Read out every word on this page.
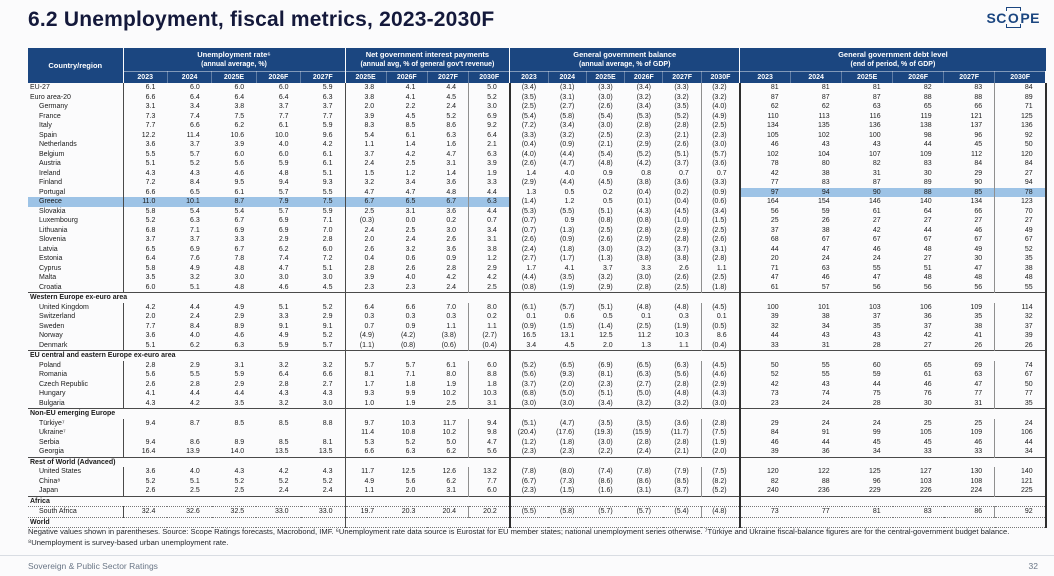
6.2 Unemployment, fiscal metrics, 2023-2030F	SCOPE
Country/region	
Unemployment rate⁶
(annual average, %)

Net government interest payments
(annual avg, % of general gov't revenue)

General government balance
(annual average, % of GDP)

General government debt level
(end of period, % of GDP)

	2023	2024	2025E	2026F	2027F	2025E	2026F	2027F	2030F	2023	2024	2025E	2026F	2027F	2030F	2023	2024	2025E	2026F	2027F	2030F
EU-27	6.1	6.0	6.0	6.0	5.9	3.8	4.1	4.4	5.0	(3.4)	(3.1)	(3.3)	(3.4)	(3.3)	(3.2)	81	81	81	82	83	84
Euro area-20	6.6	6.4	6.4	6.4	6.3	3.8	4.1	4.5	5.2	(3.5)	(3.1)	(3.0)	(3.2)	(3.2)	(3.2)	87	87	87	88	88	89
Germany	3.1	3.4	3.8	3.7	3.7	2.0	2.2	2.4	3.0	(2.5)	(2.7)	(2.6)	(3.4)	(3.5)	(4.0)	62	62	63	65	66	71
France	7.3	7.4	7.5	7.7	7.7	3.9	4.5	5.2	6.9	(5.4)	(5.8)	(5.4)	(5.3)	(5.2)	(4.9)	110	113	116	119	121	125
Italy	7.7	6.6	6.2	6.1	5.9	8.3	8.5	8.6	9.2	(7.2)	(3.4)	(3.0)	(2.8)	(2.8)	(2.5)	134	135	136	138	137	136
Spain	12.2	11.4	10.6	10.0	9.6	5.4	6.1	6.3	6.4	(3.3)	(3.2)	(2.5)	(2.3)	(2.1)	(2.3)	105	102	100	98	96	92
Netherlands	3.6	3.7	3.9	4.0	4.2	1.1	1.4	1.6	2.1	(0.4)	(0.9)	(2.1)	(2.9)	(2.6)	(3.0)	46	43	43	44	45	50
Belgium	5.5	5.7	6.0	6.0	6.1	3.7	4.2	4.7	6.3	(4.0)	(4.4)	(5.4)	(5.2)	(5.1)	(5.7)	102	104	107	109	112	120
Austria	5.1	5.2	5.6	5.9	6.1	2.4	2.5	3.1	3.9	(2.6)	(4.7)	(4.8)	(4.2)	(3.7)	(3.6)	78	80	82	83	84	84
Ireland	4.3	4.3	4.6	4.8	5.1	1.5	1.2	1.4	1.9	1.4	4.0	0.9	0.8	0.7	0.7	42	38	31	30	29	27
Finland	7.2	8.4	9.5	9.4	9.3	3.2	3.4	3.6	3.3	(2.9)	(4.4)	(4.5)	(3.8)	(3.6)	(3.3)	77	83	87	89	90	94
Portugal	6.6	6.5	6.1	5.7	5.5	4.7	4.7	4.8	4.4	1.3	0.5	0.2	(0.4)	(0.2)	(0.9)	97	94	90	88	85	78
Greece	11.0	10.1	8.7	7.9	7.5	6.7	6.5	6.7	6.3	(1.4)	1.2	0.5	(0.1)	(0.4)	(0.6)	164	154	146	140	134	123
Slovakia	5.8	5.4	5.4	5.7	5.9	2.5	3.1	3.6	4.4	(5.3)	(5.5)	(5.1)	(4.3)	(4.5)	(3.4)	56	59	61	64	66	70
Luxembourg	5.2	6.3	6.7	6.9	7.1	(0.3)	0.0	0.2	0.7	(0.7)	0.9	(0.8)	(0.8)	(1.0)	(1.5)	25	26	27	27	27	27
Lithuania	6.8	7.1	6.9	6.9	7.0	2.4	2.5	3.0	3.4	(0.7)	(1.3)	(2.5)	(2.8)	(2.9)	(2.5)	37	38	42	44	46	49
Slovenia	3.7	3.7	3.3	2.9	2.8	2.0	2.4	2.6	3.1	(2.6)	(0.9)	(2.6)	(2.9)	(2.8)	(2.6)	68	67	67	67	67	67
Latvia	6.5	6.9	6.7	6.2	6.0	2.6	3.2	3.6	3.8	(2.4)	(1.8)	(3.0)	(3.2)	(3.7)	(3.1)	44	47	46	48	49	52
Estonia	6.4	7.6	7.8	7.4	7.2	0.4	0.6	0.9	1.2	(2.7)	(1.7)	(1.3)	(3.8)	(3.8)	(2.8)	20	24	24	27	30	35
Cyprus	5.8	4.9	4.8	4.7	5.1	2.8	2.6	2.8	2.9	1.7	4.1	3.7	3.3	2.6	1.1	71	63	55	51	47	38
Malta	3.5	3.2	3.0	3.0	3.0	3.9	4.0	4.2	4.2	(4.4)	(3.5)	(3.2)	(3.0)	(2.6)	(2.5)	47	46	47	48	48	48
Croatia	6.0	5.1	4.8	4.6	4.5	2.3	2.3	2.4	2.5	(0.8)	(1.9)	(2.9)	(2.8)	(2.5)	(1.8)	61	57	56	56	56	55
Western Europe ex-euro area																					
United Kingdom	4.2	4.4	4.9	5.1	5.2	6.4	6.6	7.0	8.0	(6.1)	(5.7)	(5.1)	(4.8)	(4.8)	(4.5)	100	101	103	106	109	114
Switzerland	2.0	2.4	2.9	3.3	2.9	0.3	0.3	0.3	0.2	0.1	0.6	0.5	0.1	0.3	0.1	39	38	37	36	35	32
Sweden	7.7	8.4	8.9	9.1	9.1	0.7	0.9	1.1	1.1	(0.9)	(1.5)	(1.4)	(2.5)	(1.9)	(0.5)	32	34	35	37	38	37
Norway	3.6	4.0	4.6	4.9	5.2	(4.9)	(4.2)	(3.8)	(2.7)	16.5	13.1	12.5	11.2	10.3	8.6	44	43	43	42	41	39
Denmark	5.1	6.2	6.3	5.9	5.7	(1.1)	(0.8)	(0.6)	(0.4)	3.4	4.5	2.0	1.3	1.1	(0.4)	33	31	28	27	26	26
EU central and eastern Europe ex-euro area																					
Poland	2.8	2.9	3.1	3.2	3.2	5.7	5.7	6.1	6.0	(5.2)	(6.5)	(6.9)	(6.5)	(6.3)	(4.5)	50	55	60	65	69	74
Romania	5.6	5.5	5.9	6.4	6.6	8.1	7.1	8.0	8.8	(5.6)	(9.3)	(8.1)	(6.3)	(5.6)	(4.6)	52	55	59	61	63	67
Czech Republic	2.6	2.8	2.9	2.8	2.7	1.7	1.8	1.9	1.8	(3.7)	(2.0)	(2.3)	(2.7)	(2.8)	(2.9)	42	43	44	46	47	50
Hungary	4.1	4.4	4.4	4.3	4.3	9.3	9.9	10.2	10.3	(6.8)	(5.0)	(5.1)	(5.0)	(4.8)	(4.3)	73	74	75	76	77	77
Bulgaria	4.3	4.2	3.5	3.2	3.0	1.0	1.9	2.5	3.1	(3.0)	(3.0)	(3.4)	(3.2)	(3.2)	(3.0)	23	24	28	30	31	35
Non-EU emerging Europe																					
Türkiye⁷	9.4	8.7	8.5	8.5	8.8	9.7	10.3	11.7	9.4	(5.1)	(4.7)	(3.5)	(3.5)	(3.6)	(2.8)	29	24	24	25	25	24
Ukraine⁷						11.4	10.8	10.2	9.8	(20.4)	(17.6)	(19.3)	(15.9)	(11.7)	(7.5)	84	91	99	105	109	106
Serbia	9.4	8.6	8.9	8.5	8.1	5.3	5.2	5.0	4.7	(1.2)	(1.8)	(3.0)	(2.8)	(2.8)	(1.9)	46	44	45	45	46	44
Georgia	16.4	13.9	14.0	13.5	13.5	6.6	6.3	6.2	5.6	(2.3)	(2.3)	(2.2)	(2.4)	(2.1)	(2.0)	39	36	34	33	33	34
Rest of World (Advanced)																					
United States	3.6	4.0	4.3	4.2	4.3	11.7	12.5	12.6	13.2	(7.8)	(8.0)	(7.4)	(7.8)	(7.9)	(7.5)	120	122	125	127	130	140
China⁸	5.2	5.1	5.2	5.2	5.2	4.9	5.6	6.2	7.7	(6.7)	(7.3)	(8.6)	(8.6)	(8.5)	(8.2)	82	88	96	103	108	121
Japan	2.6	2.5	2.5	2.4	2.4	1.1	2.0	3.1	6.0	(2.3)	(1.5)	(1.6)	(3.1)	(3.7)	(5.2)	240	236	229	226	224	225
Africa																					
South Africa	32.4	32.6	32.5	33.0	33.0	19.7	20.3	20.4	20.2	(5.5)	(5.8)	(5.7)	(5.7)	(5.4)	(4.8)	73	77	81	83	86	92
World																					
Negative values shown in parentheses. Source: Scope Ratings forecasts, Macrobond, IMF. ⁶Unemployment rate data source is Eurostat for EU member states; national unemployment series otherwise. ⁷Türkiye and Ukraine fiscal-balance figures are for the central-government budget balance. ⁸Unemployment is survey-based urban unemployment rate.
Sovereign & Public Sector Ratings	32
